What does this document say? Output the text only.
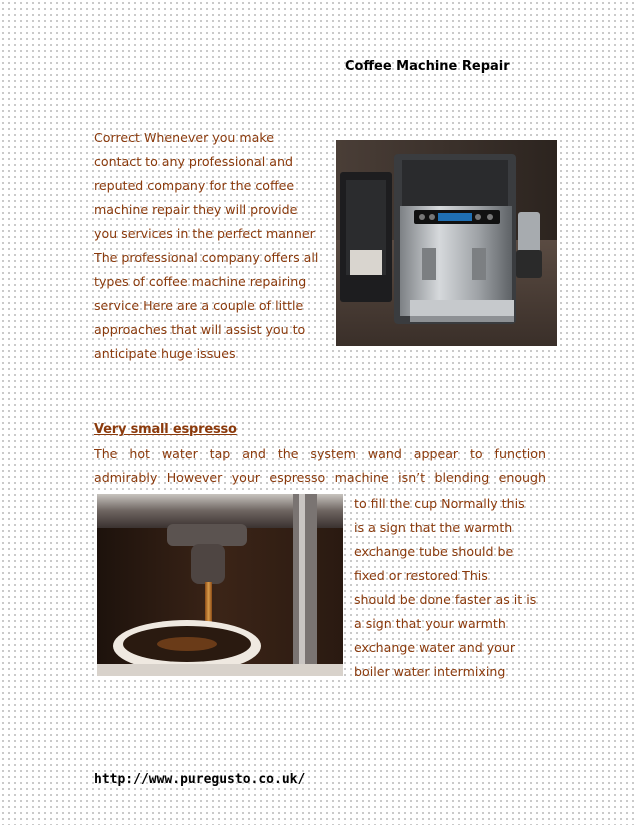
Coffee Machine Repair
Correct Whenever you make
contact to any professional and
reputed company for the coffee
machine repair they will provide
you services in the perfect manner
The professional company offers all
types of coffee machine repairing
service Here are a couple of little
approaches that will assist you to
anticipate huge issues
Very small espresso
The hot water tap and the system wand appear to function
admirably However your espresso machine isn’t blending enough
to fill the cup Normally this
is a sign that the warmth
exchange tube should be
fixed or restored This
should be done faster as it is
a sign that your warmth
exchange water and your
boiler water intermixing
http://www.puregusto.co.uk/
